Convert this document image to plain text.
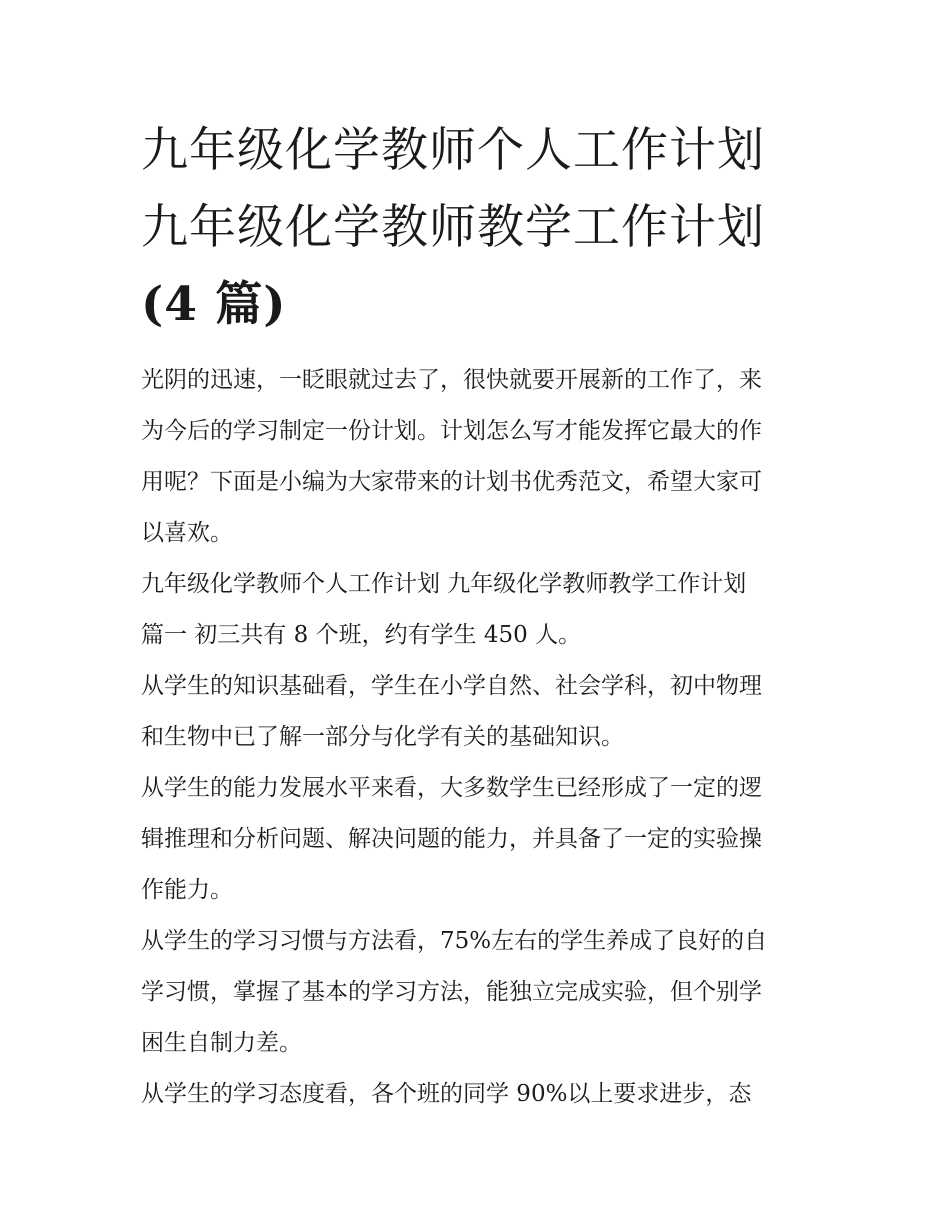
九年级化学教师个人工作计划
九年级化学教师教学工作计划
(4 篇)

光阴的迅速，一眨眼就过去了，很快就要开展新的工作了，来
为今后的学习制定一份计划。计划怎么写才能发挥它最大的作
用呢？下面是小编为大家带来的计划书优秀范文，希望大家可
以喜欢。

九年级化学教师个人工作计划 九年级化学教师教学工作计划

篇一 初三共有 8 个班，约有学生 450 人。

从学生的知识基础看，学生在小学自然、社会学科，初中物理
和生物中已了解一部分与化学有关的基础知识。

从学生的能力发展水平来看，大多数学生已经形成了一定的逻
辑推理和分析问题、解决问题的能力，并具备了一定的实验操
作能力。

从学生的学习习惯与方法看，75%左右的学生养成了良好的自
学习惯，掌握了基本的学习方法，能独立完成实验，但个别学
困生自制力差。

从学生的学习态度看，各个班的同学 90%以上要求进步，态
